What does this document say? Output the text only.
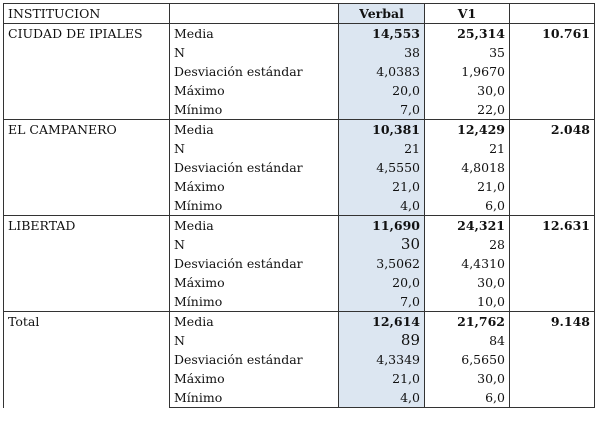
INSTITUCION		Verbal	V1	
CIUDAD DE IPIALES	Media	14,553	25,314	10.761
	N	38	35	
	Desviación estándar	4,0383	1,9670	
	Máximo	20,0	30,0	
	Mínimo	7,0	22,0	
EL CAMPANERO	Media	10,381	12,429	2.048
	N	21	21	
	Desviación estándar	4,5550	4,8018	
	Máximo	21,0	21,0	
	Mínimo	4,0	6,0	
LIBERTAD	Media	11,690	24,321	12.631
	N	30	28	
	Desviación estándar	3,5062	4,4310	
	Máximo	20,0	30,0	
	Mínimo	7,0	10,0	
Total	Media	12,614	21,762	9.148
	N	89	84	
	Desviación estándar	4,3349	6,5650	
	Máximo	21,0	30,0	
	Mínimo	4,0	6,0	
